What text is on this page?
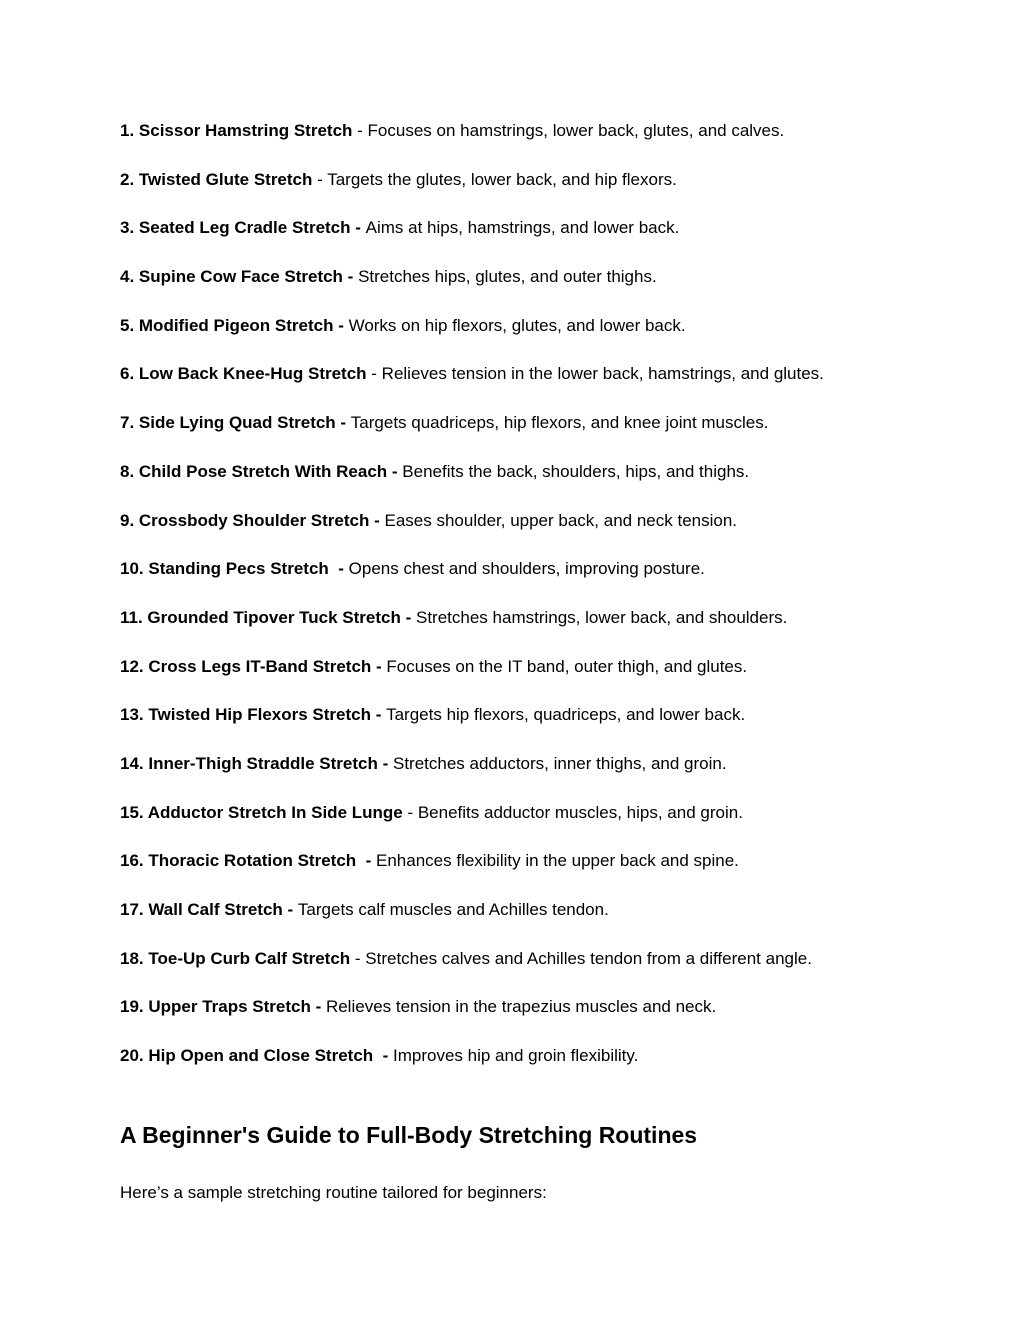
1. Scissor Hamstring Stretch - Focuses on hamstrings, lower back, glutes, and calves.
2. Twisted Glute Stretch - Targets the glutes, lower back, and hip flexors.
3. Seated Leg Cradle Stretch - Aims at hips, hamstrings, and lower back.
4. Supine Cow Face Stretch - Stretches hips, glutes, and outer thighs.
5. Modified Pigeon Stretch - Works on hip flexors, glutes, and lower back.
6. Low Back Knee-Hug Stretch - Relieves tension in the lower back, hamstrings, and glutes.
7. Side Lying Quad Stretch - Targets quadriceps, hip flexors, and knee joint muscles.
8. Child Pose Stretch With Reach - Benefits the back, shoulders, hips, and thighs.
9. Crossbody Shoulder Stretch - Eases shoulder, upper back, and neck tension.
10. Standing Pecs Stretch  - Opens chest and shoulders, improving posture.
11. Grounded Tipover Tuck Stretch - Stretches hamstrings, lower back, and shoulders.
12. Cross Legs IT-Band Stretch - Focuses on the IT band, outer thigh, and glutes.
13. Twisted Hip Flexors Stretch - Targets hip flexors, quadriceps, and lower back.
14. Inner-Thigh Straddle Stretch - Stretches adductors, inner thighs, and groin.
15. Adductor Stretch In Side Lunge - Benefits adductor muscles, hips, and groin.
16. Thoracic Rotation Stretch  - Enhances flexibility in the upper back and spine.
17. Wall Calf Stretch - Targets calf muscles and Achilles tendon.
18. Toe-Up Curb Calf Stretch - Stretches calves and Achilles tendon from a different angle.
19. Upper Traps Stretch - Relieves tension in the trapezius muscles and neck.
20. Hip Open and Close Stretch  - Improves hip and groin flexibility.
A Beginner's Guide to Full-Body Stretching Routines

Here’s a sample stretching routine tailored for beginners:
